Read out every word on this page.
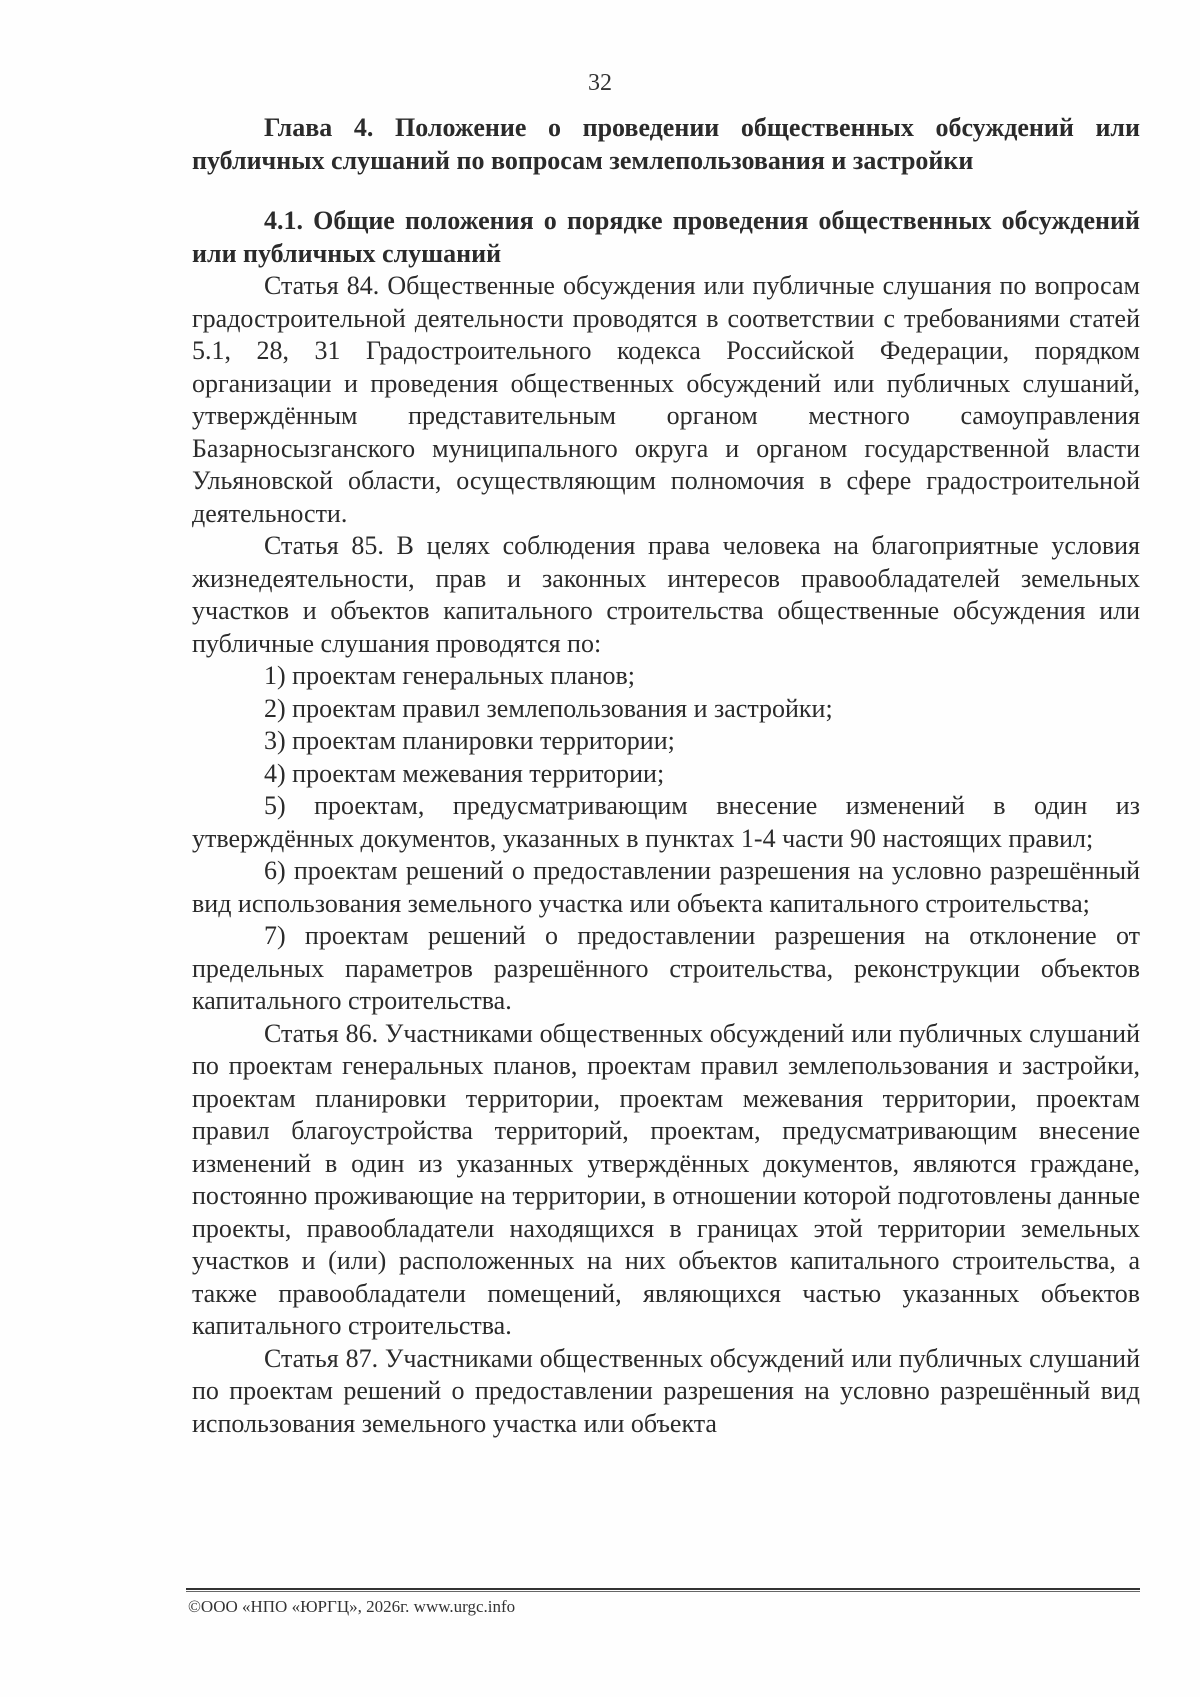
32

Глава 4. Положение о проведении общественных обсуждений или публичных слушаний по вопросам землепользования и застройки

4.1. Общие положения о порядке проведения общественных обсуждений или публичных слушаний

Статья 84. Общественные обсуждения или публичные слушания по вопросам градостроительной деятельности проводятся в соответствии с требованиями статей 5.1, 28, 31 Градостроительного кодекса Российской Федерации, порядком организации и проведения общественных обсуждений или публичных слушаний, утверждённым представительным органом местного самоуправления Базарносызганского муниципального округа и органом государственной власти Ульяновской области, осуществляющим полномочия в сфере градостроительной деятельности.

Статья 85. В целях соблюдения права человека на благоприятные условия жизнедеятельности, прав и законных интересов правообладателей земельных участков и объектов капитального строительства общественные обсуждения или публичные слушания проводятся по:

1) проектам генеральных планов;

2) проектам правил землепользования и застройки;

3) проектам планировки территории;

4) проектам межевания территории;

5) проектам, предусматривающим внесение изменений в один из утверждённых документов, указанных в пунктах 1-4 части 90 настоящих правил;

6) проектам решений о предоставлении разрешения на условно разрешённый вид использования земельного участка или объекта капитального строительства;

7) проектам решений о предоставлении разрешения на отклонение от предельных параметров разрешённого строительства, реконструкции объектов капитального строительства.

Статья 86. Участниками общественных обсуждений или публичных слушаний по проектам генеральных планов, проектам правил землепользования и застройки, проектам планировки территории, проектам межевания территории, проектам правил благоустройства территорий, проектам, предусматривающим внесение изменений в один из указанных утверждённых документов, являются граждане, постоянно проживающие на территории, в отношении которой подготовлены данные проекты, правообладатели находящихся в границах этой территории земельных участков и (или) расположенных на них объектов капитального строительства, а также правообладатели помещений, являющихся частью указанных объектов капитального строительства.

Статья 87. Участниками общественных обсуждений или публичных слушаний по проектам решений о предоставлении разрешения на условно разрешённый вид использования земельного участка или объекта

©ООО «НПО «ЮРГЦ», 2026г. www.urgc.info
